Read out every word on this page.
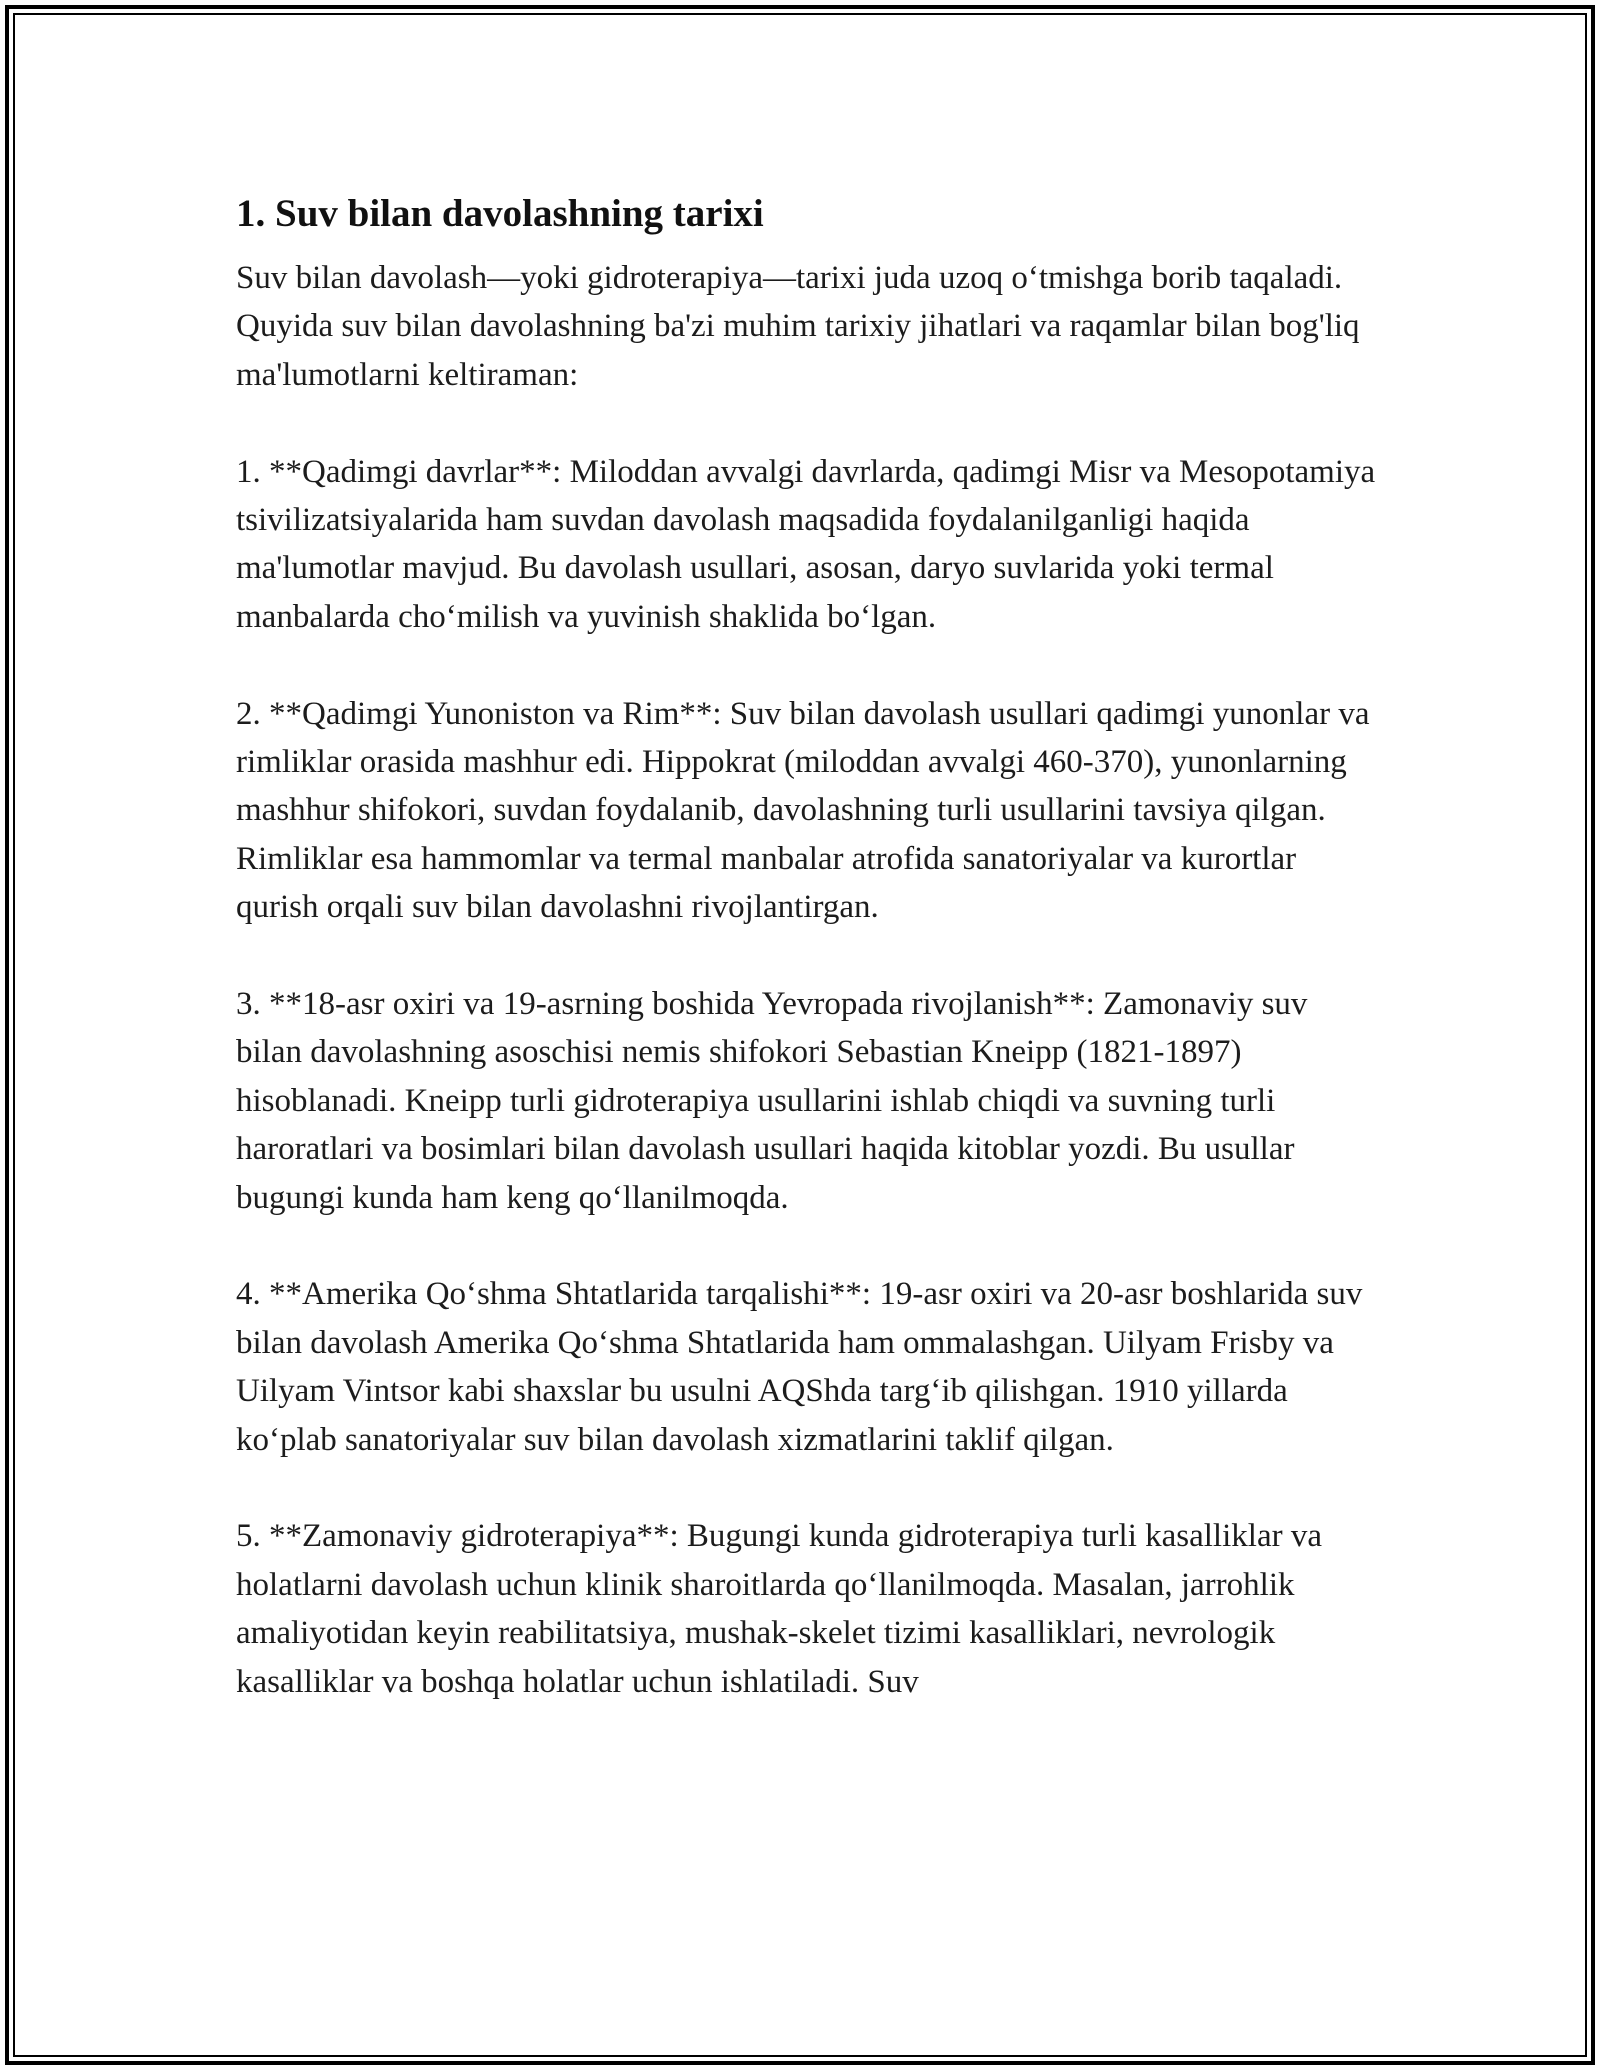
1. Suv bilan davolashning tarixi

Suv bilan davolash—yoki gidroterapiya—tarixi juda uzoq o‘tmishga borib taqaladi. Quyida suv bilan davolashning ba'zi muhim tarixiy jihatlari va raqamlar bilan bog'liq ma'lumotlarni keltiraman:

1. **Qadimgi davrlar**: Miloddan avvalgi davrlarda, qadimgi Misr va Mesopotamiya tsivilizatsiyalarida ham suvdan davolash maqsadida foydalanilganligi haqida ma'lumotlar mavjud. Bu davolash usullari, asosan, daryo suvlarida yoki termal manbalarda cho‘milish va yuvinish shaklida bo‘lgan.

2. **Qadimgi Yunoniston va Rim**: Suv bilan davolash usullari qadimgi yunonlar va rimliklar orasida mashhur edi. Hippokrat (miloddan avvalgi 460-370), yunonlarning mashhur shifokori, suvdan foydalanib, davolashning turli usullarini tavsiya qilgan. Rimliklar esa hammomlar va termal manbalar atrofida sanatoriyalar va kurortlar qurish orqali suv bilan davolashni rivojlantirgan.

3. **18-asr oxiri va 19-asrning boshida Yevropada rivojlanish**: Zamonaviy suv bilan davolashning asoschisi nemis shifokori Sebastian Kneipp (1821-1897) hisoblanadi. Kneipp turli gidroterapiya usullarini ishlab chiqdi va suvning turli haroratlari va bosimlari bilan davolash usullari haqida kitoblar yozdi. Bu usullar bugungi kunda ham keng qo‘llanilmoqda.

4. **Amerika Qo‘shma Shtatlarida tarqalishi**: 19-asr oxiri va 20-asr boshlarida suv bilan davolash Amerika Qo‘shma Shtatlarida ham ommalashgan. Uilyam Frisby va Uilyam Vintsor kabi shaxslar bu usulni AQShda targ‘ib qilishgan. 1910 yillarda ko‘plab sanatoriyalar suv bilan davolash xizmatlarini taklif qilgan.

5. **Zamonaviy gidroterapiya**: Bugungi kunda gidroterapiya turli kasalliklar va holatlarni davolash uchun klinik sharoitlarda qo‘llanilmoqda. Masalan, jarrohlik amaliyotidan keyin reabilitatsiya, mushak-skelet tizimi kasalliklari, nevrologik kasalliklar va boshqa holatlar uchun ishlatiladi. Suv
